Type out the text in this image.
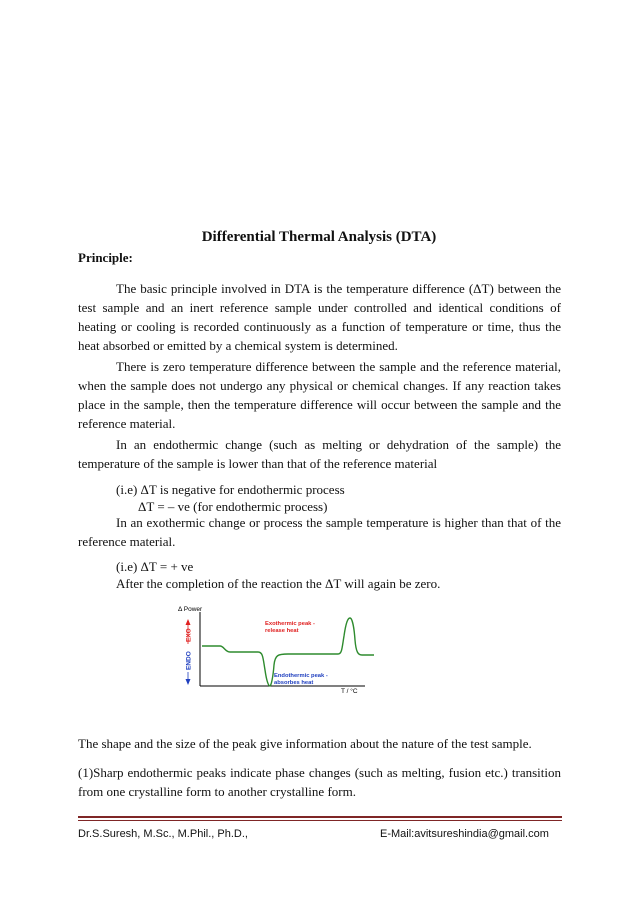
Differential Thermal Analysis (DTA)
Principle:

The basic principle involved in DTA is the temperature difference (ΔT) between the test sample and an inert reference sample under controlled and identical conditions of heating or cooling is recorded continuously as a function of temperature or time, thus the heat absorbed or emitted by a chemical system is determined.

There is zero temperature difference between the sample and the reference material, when the sample does not undergo any physical or chemical changes. If any reaction takes place in the sample, then the temperature difference will occur between the sample and the reference material.

In an endothermic change (such as melting or dehydration of the sample) the temperature of the sample is lower than that of the reference material

(i.e) ΔT is negative for endothermic process
ΔT = – ve (for endothermic process)

In an exothermic change or process the sample temperature is higher than that of the reference material.

(i.e) ΔT = + ve
After the completion of the reaction the ΔT will again be zero.
Δ Power
T / °C
EXO
ENDO
Exothermic peak -
release heat
Endothermic peak -
absorbes heat
The shape and the size of the peak give information about the nature of the test sample.

(1)Sharp endothermic peaks indicate phase changes (such as melting, fusion etc.) transition from one crystalline form to another crystalline form.

Dr.S.Suresh, M.Sc., M.Phil., Ph.D.,	E-Mail:avitsureshindia@gmail.com
